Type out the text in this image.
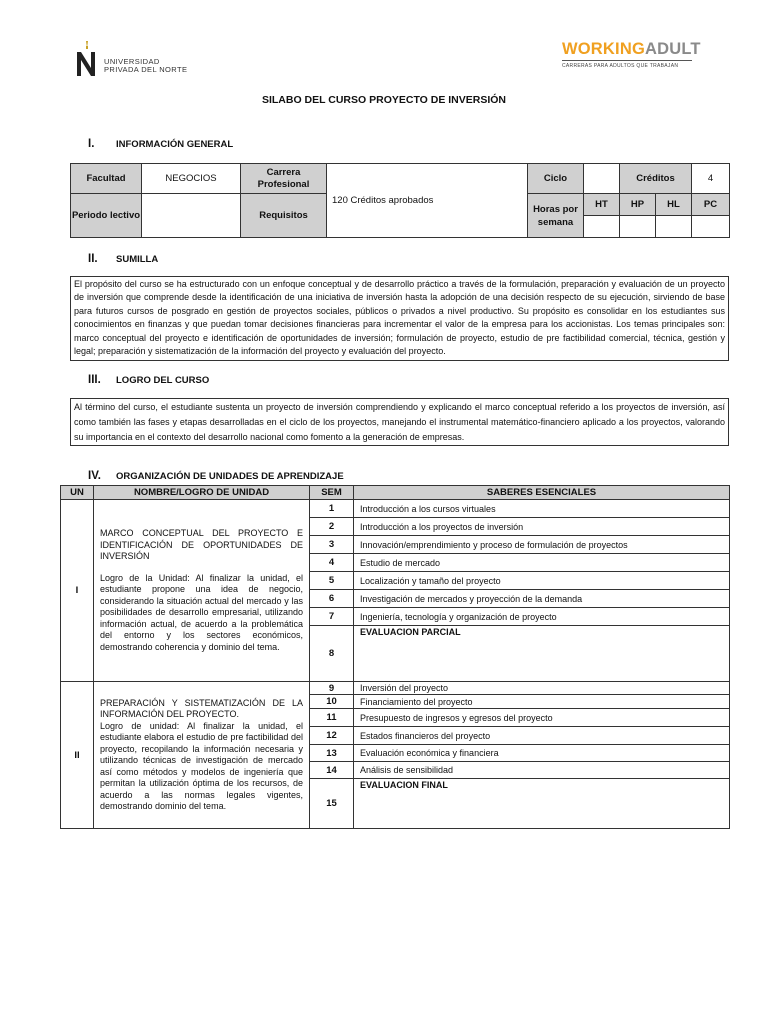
UNIVERSIDAD
PRIVADA DEL NORTE
WORKINGADULT
CARRERAS PARA ADULTOS QUE TRABAJAN
SILABO DEL CURSO PROYECTO DE INVERSIÓN
I. INFORMACIÓN GENERAL
Facultad	NEGOCIOS	Carrera Profesional	120 Créditos aprobados	Ciclo		Créditos		4
Periodo lectivo		Requisitos		Horas por semana	HT	HP	HL	PC

II. SUMILLA
El propósito del curso se ha estructurado con un enfoque conceptual y de desarrollo práctico a través de la formulación, preparación y evaluación de un proyecto de inversión que comprende desde la identificación de una iniciativa de inversión hasta la adopción de una decisión respecto de su ejecución, sirviendo de base para futuros cursos de posgrado en gestión de proyectos sociales, públicos o privados a nivel productivo. Su propósito es consolidar en los estudiantes sus conocimientos en finanzas y que puedan tomar decisiones financieras para incrementar el valor de la empresa para los accionistas. Los temas principales son: marco conceptual del proyecto e identificación de oportunidades de inversión; formulación de proyecto, estudio de pre factibilidad comercial, técnica, gestión y legal; preparación y sistematización de la información del proyecto y evaluación del proyecto.
III. LOGRO DEL CURSO
Al término del curso, el estudiante sustenta un proyecto de inversión comprendiendo y explicando el marco conceptual referido a los proyectos de inversión, así como también las fases y etapas desarrolladas en el ciclo de los proyectos, manejando el instrumental matemático-financiero aplicado a los proyectos, valorando su importancia en el contexto del desarrollo nacional como fomento a la generación de empresas.
IV. ORGANIZACIÓN DE UNIDADES DE APRENDIZAJE
UN	NOMBRE/LOGRO DE UNIDAD	SEM	SABERES ESENCIALES
I	MARCO CONCEPTUAL DEL PROYECTO E IDENTIFICACIÓN DE OPORTUNIDADES DE INVERSIÓN
Logro de la Unidad: Al finalizar la unidad, el estudiante propone una idea de negocio, considerando la situación actual del mercado y las posibilidades de desarrollo empresarial, utilizando información actual, de acuerdo a la problemática del entorno y los sectores económicos, demostrando coherencia y dominio del tema.	1	Introducción a los cursos virtuales
		2	Introducción a los proyectos de inversión
		3	Innovación/emprendimiento y proceso de formulación de proyectos
		4	Estudio de mercado
		5	Localización y tamaño del proyecto
		6	Investigación de mercados y proyección de la demanda
		7	Ingeniería, tecnología y organización de proyecto
		8	EVALUACION PARCIAL
II	PREPARACIÓN Y SISTEMATIZACIÓN DE LA INFORMACIÓN DEL PROYECTO.
Logro de unidad: Al finalizar la unidad, el estudiante elabora el estudio de pre factibilidad del proyecto, recopilando la información necesaria y utilizando técnicas de investigación de mercado así como métodos y modelos de ingeniería que permitan la utilización óptima de los recursos, de acuerdo a las normas legales vigentes, demostrando dominio del tema.	9	Inversión del proyecto
		10	Financiamiento del proyecto
		11	Presupuesto de ingresos y egresos del proyecto
		12	Estados financieros del proyecto
		13	Evaluación económica y financiera
		14	Análisis de sensibilidad
		15	EVALUACION FINAL
